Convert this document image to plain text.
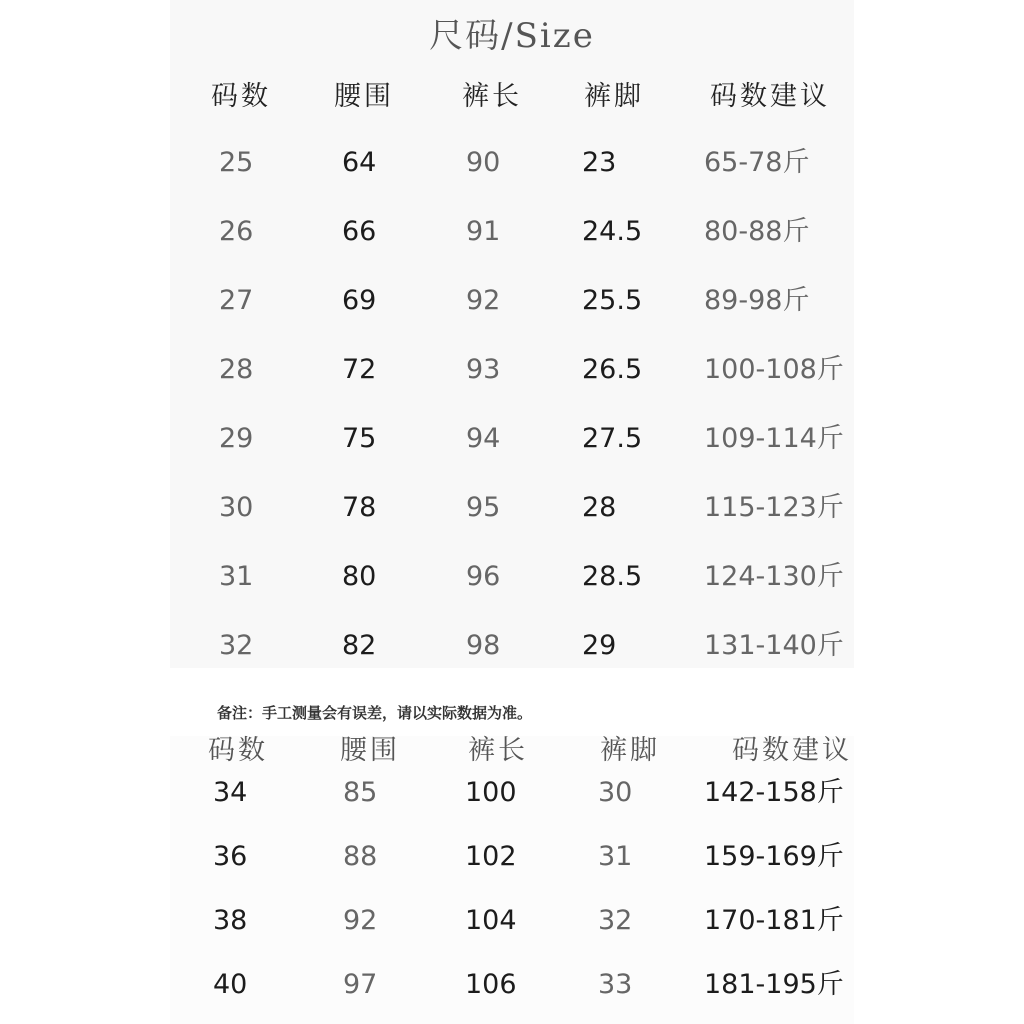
尺码/Size
码数 腰围	裤长 裤脚 码数建议
25	64	90	23	65-78斤
26	66	91	24.5 80-88斤
27	69	92	25.5 89-98斤
28	72	93	26.5 100-108斤
29	75	94	27.5 109-114斤
30	78	95	28	115-123斤
31	80	96	28.5 124-130斤
32	82	98	29	131-140斤
备注：手工测量会有误差，请以实际数据为准。
码数	腰围	裤长	裤脚	码数建议
34	85	100	30	142-158斤
36	88	102	31	159-169斤
38	92	104	32	170-181斤
40	97	106	33	181-195斤
